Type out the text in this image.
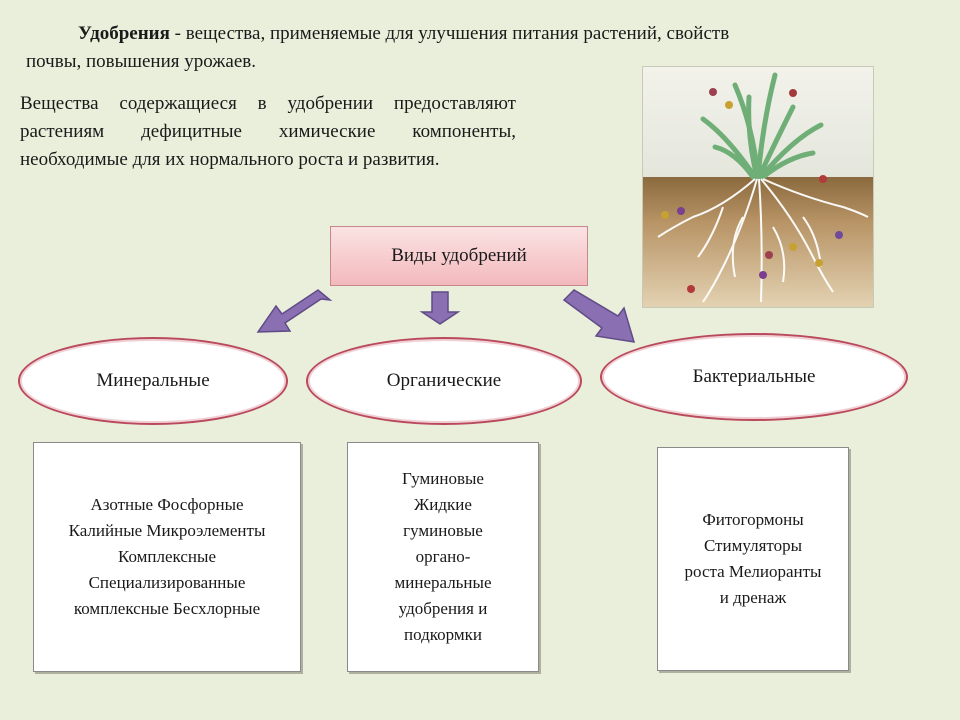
Удобрения - вещества, применяемые для улучшения питания растений, свойств
почвы, повышения урожаев.
Вещества содержащиеся в удобрении предоставляют растениям дефицитные химические компоненты, необходимые для их нормального роста и развития.
Виды удобрений
Минеральные	Органические	Бактериальные
Азотные Фосфорные
Калийные Микроэлементы
Комплексные
Специализированные
комплексные Бесхлорные
Гуминовые
Жидкие
гуминовые
органо-
минеральные
удобрения и
подкормки
Фитогормоны
Стимуляторы
роста Мелиоранты
и дренаж
